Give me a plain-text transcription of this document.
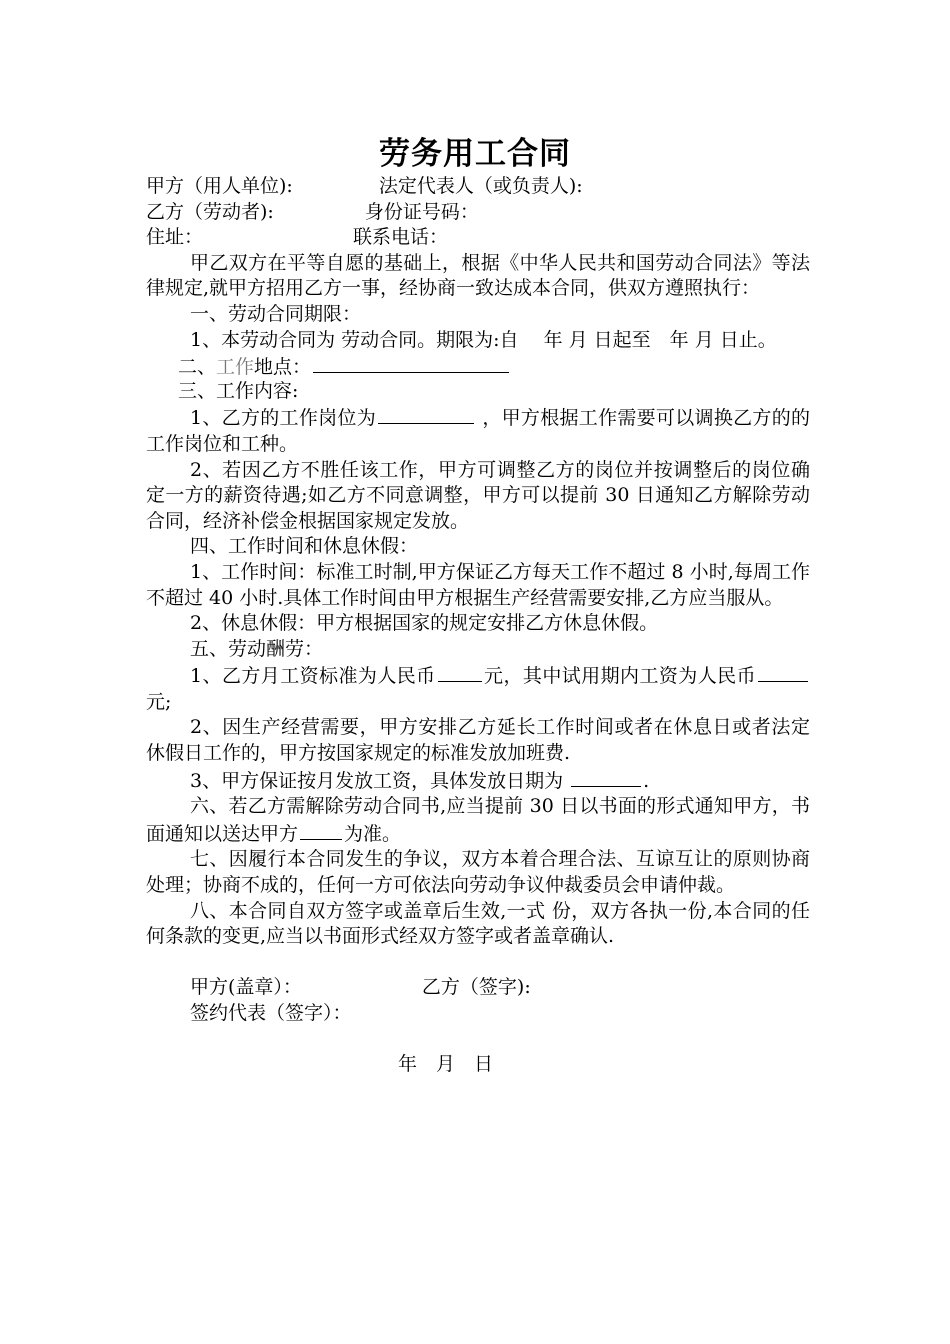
劳务用工合同
甲方（用人单位):	法定代表人（或负责人):
乙方（劳动者):	身份证号码：
住址：	联系电话：
甲乙双方在平等自愿的基础上，根据《中华人民共和国劳动合同法》等法律规定,就甲方招用乙方一事，经协商一致达成本合同，供双方遵照执行：
一、劳动合同期限：
1、本劳动合同为 劳动合同。期限为:自　 年 月 日起至　年 月 日止。
二、工作地点：
三、工作内容:
1、乙方的工作岗位为	，甲方根据工作需要可以调换乙方的的工作岗位和工种。
2、若因乙方不胜任该工作，甲方可调整乙方的岗位并按调整后的岗位确定一方的薪资待遇;如乙方不同意调整，甲方可以提前 30 日通知乙方解除劳动合同，经济补偿金根据国家规定发放。
四、工作时间和休息休假：
1、工作时间：标准工时制,甲方保证乙方每天工作不超过 8 小时,每周工作不超过 40 小时.具体工作时间由甲方根据生产经营需要安排,乙方应当服从。
2、休息休假：甲方根据国家的规定安排乙方休息休假。
五、劳动酬劳：
1、乙方月工资标准为人民币	元，其中试用期内工资为人民币元;
2、因生产经营需要，甲方安排乙方延长工作时间或者在休息日或者法定休假日工作的，甲方按国家规定的标准发放加班费.
3、甲方保证按月发放工资，具体发放日期为	.
六、若乙方需解除劳动合同书,应当提前 30 日以书面的形式通知甲方，书面通知以送达甲方 为准。
七、因履行本合同发生的争议，双方本着合理合法、互谅互让的原则协商处理；协商不成的，任何一方可依法向劳动争议仲裁委员会申请仲裁。
八、本合同自双方签字或盖章后生效,一式 份，双方各执一份,本合同的任何条款的变更,应当以书面形式经双方签字或者盖章确认.
甲方(盖章）：	乙方（签字):
签约代表（签字）：
年　月　日
